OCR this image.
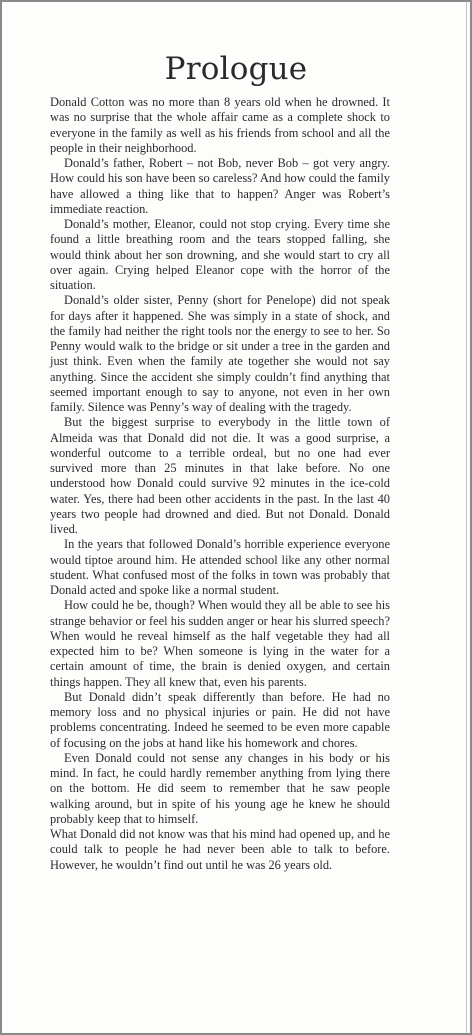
Prologue

Donald Cotton was no more than 8 years old when he drowned. It was no surprise that the whole affair came as a complete shock to everyone in the family as well as his friends from school and all the people in their neighborhood.

Donald’s father, Robert – not Bob, never Bob – got very angry. How could his son have been so careless? And how could the family have allowed a thing like that to happen? Anger was Robert’s immediate reaction.

Donald’s mother, Eleanor, could not stop crying. Every time she found a little breathing room and the tears stopped falling, she would think about her son drowning, and she would start to cry all over again. Crying helped Eleanor cope with the horror of the situation.

Donald’s older sister, Penny (short for Penelope) did not speak for days after it happened. She was simply in a state of shock, and the family had neither the right tools nor the energy to see to her. So Penny would walk to the bridge or sit under a tree in the garden and just think. Even when the family ate together she would not say anything. Since the accident she simply couldn’t find anything that seemed important enough to say to anyone, not even in her own family. Silence was Penny’s way of dealing with the tragedy.

But the biggest surprise to everybody in the little town of Almeida was that Donald did not die. It was a good surprise, a wonderful outcome to a terrible ordeal, but no one had ever survived more than 25 minutes in that lake before. No one understood how Donald could survive 92 minutes in the ice-cold water. Yes, there had been other accidents in the past. In the last 40 years two people had drowned and died. But not Donald. Donald lived.

In the years that followed Donald’s horrible experience everyone would tiptoe around him. He attended school like any other normal student. What confused most of the folks in town was probably that Donald acted and spoke like a normal student.

How could he be, though? When would they all be able to see his strange behavior or feel his sudden anger or hear his slurred speech? When would he reveal himself as the half vegetable they had all expected him to be? When someone is lying in the water for a certain amount of time, the brain is denied oxygen, and certain things happen. They all knew that, even his parents.

But Donald didn’t speak differently than before. He had no memory loss and no physical injuries or pain. He did not have problems concentrating. Indeed he seemed to be even more capable of focusing on the jobs at hand like his homework and chores.

Even Donald could not sense any changes in his body or his mind. In fact, he could hardly remember anything from lying there on the bottom. He did seem to remember that he saw people walking around, but in spite of his young age he knew he should probably keep that to himself.

What Donald did not know was that his mind had opened up, and he could talk to people he had never been able to talk to before. However, he wouldn’t find out until he was 26 years old.
